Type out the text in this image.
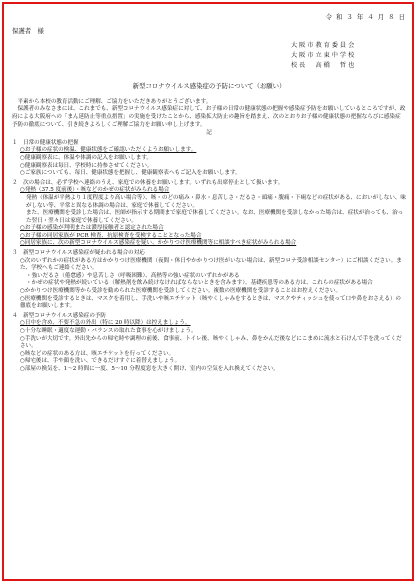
令 和 ３ 年 ４ 月 ８ 日
保護者　様
大 阪 市 教 育 委 員 会
大 阪 市 立 東 中 学 校
校 長 　 高 橋 　 哲 也
新型コロナウイルス感染症の予防について（お願い）

平素から本校の教育活動にご理解、ご協力をいただきありがとうございます。

保護者のみなさまには、これまでも、新型コロナウイルス感染症に対して、お子様の日常の健康状態の把握や感染症予防をお願いしているところですが、政府による大阪府への「まん延防止等重点措置」の実施を受けたことから、感染拡大防止の趣旨を踏まえ、次のとおりお子様の健康状態の把握ならびに感染症予防の徹底について、引き続きよろしくご理解ご協力をお願い申し上げます。

記
１　日常の健康状態の把握
○お子様の症状の検温、健康状態をご確認いただくようお願いします。
○健康観察表に、体温や体調の記入をお願いします。
○健康観察表は毎日、学校時に持参させてください。
○ご家族についても、毎日、健康状態を把握し、健康観察表へもご記入をお願いします。
２　次の場合は、必ず学校へ連絡のうえ、家庭での休養をお願いします。いずれも出席停止として扱います。
○発熱（37.5 度前後）・咳などのかぜの症状がみられる場合
発熱（体温が平熱より１度程度より高い場合等）、咳・のどの痛み・鼻水・息苦しさ・だるさ・頭痛・腹痛・下痢などの症状がある、においがしない、味がしない等、平常と異なる体調の場合は、家庭で休養してください。
また、医療機関を受診した場合は、医師が指示する期間まで家庭で休養してください。なお、医療機関を受診しなかった場合は、症状が治っても、治った翌日・翌々日は家庭で休養してください。
○お子様の感染が判明または濃厚接触者と認定された場合
○お子様の同居家族が PCR 検査、抗原検査を受検することとなった場合
○同居家族に、次の新型コロナウイルス感染症を疑い、かかりつけ医療機関等に相談すべき症状がみられる場合
３　新型コロナウイルス感染症が疑われる場合の対応
○次のいずれかの症状がある方はかかりつけ医療機関（夜間・休日やかかりつけ医がいない場合は、新型コロナ受診相談センター）にご相談ください。また、学校へもご連絡ください。
・強いだるさ（倦怠感）や息苦しさ（呼吸困難）、高熱等の強い症状のいずれかがある
・かぜの症状や発熱が続いている（解熱剤を飲み続けなければならないときを含みます）。基礎疾患等のある方は、これらの症状がある場合
○かかりつけ医療機関等から受診を勧められた医療機関を受診してください。複数の医療機関を受診することはお控えください。
○医療機関を受診するときは、マスクを着用し、手洗いや咳エチケット（咳やくしゃみをするときは、マスクやティッシュを使って口や鼻をおさえる）の徹底をお願いします。
４　新型コロナウイルス感染症の予防
○日中を含め、不要不急の外出（特に 20 時以降）は控えましょう。
○十分な睡眠・適度な運動・バランスの取れた食事を心がけましょう。
○手洗いが大切です。外出先からの帰宅時や調理の前後、食事前、トイレ後、咳やくしゃみ、鼻をかんだ後などにこまめに流水と石けんで手を洗ってください。
○咳などの症状のある方は、咳エチケットを行ってください。
○帰宅後は、手や顔を洗い、できるだけすぐに着替えましょう。
○部屋の換気を、1〜2 時間に一度、5〜10 分程度窓を大きく開け、室内の空気を入れ換えてください。
